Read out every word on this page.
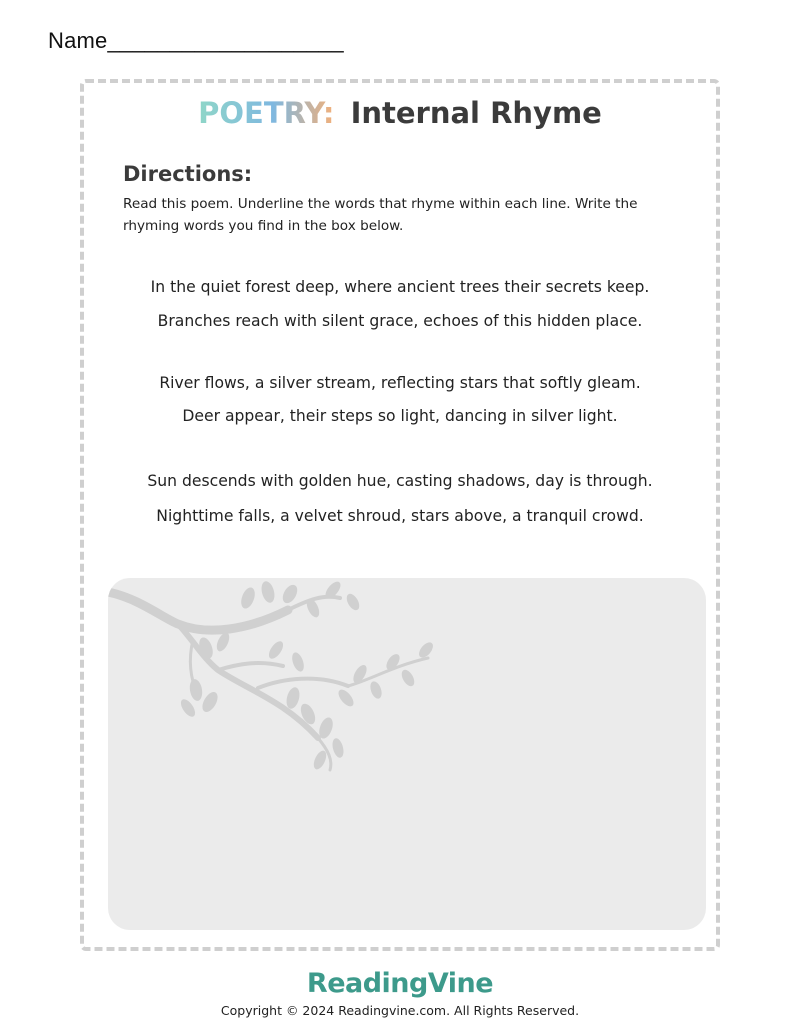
Name___________________
POETRY: Internal Rhyme
Directions:
Read this poem. Underline the words that rhyme within each line. Write the rhyming words you find in the box below.
In the quiet forest deep, where ancient trees their secrets keep.
Branches reach with silent grace, echoes of this hidden place.
River flows, a silver stream, reflecting stars that softly gleam.
Deer appear, their steps so light, dancing in silver light.
Sun descends with golden hue, casting shadows, day is through.
Nighttime falls, a velvet shroud, stars above, a tranquil crowd.
ReadingVine
Copyright © 2024 Readingvine.com. All Rights Reserved.
